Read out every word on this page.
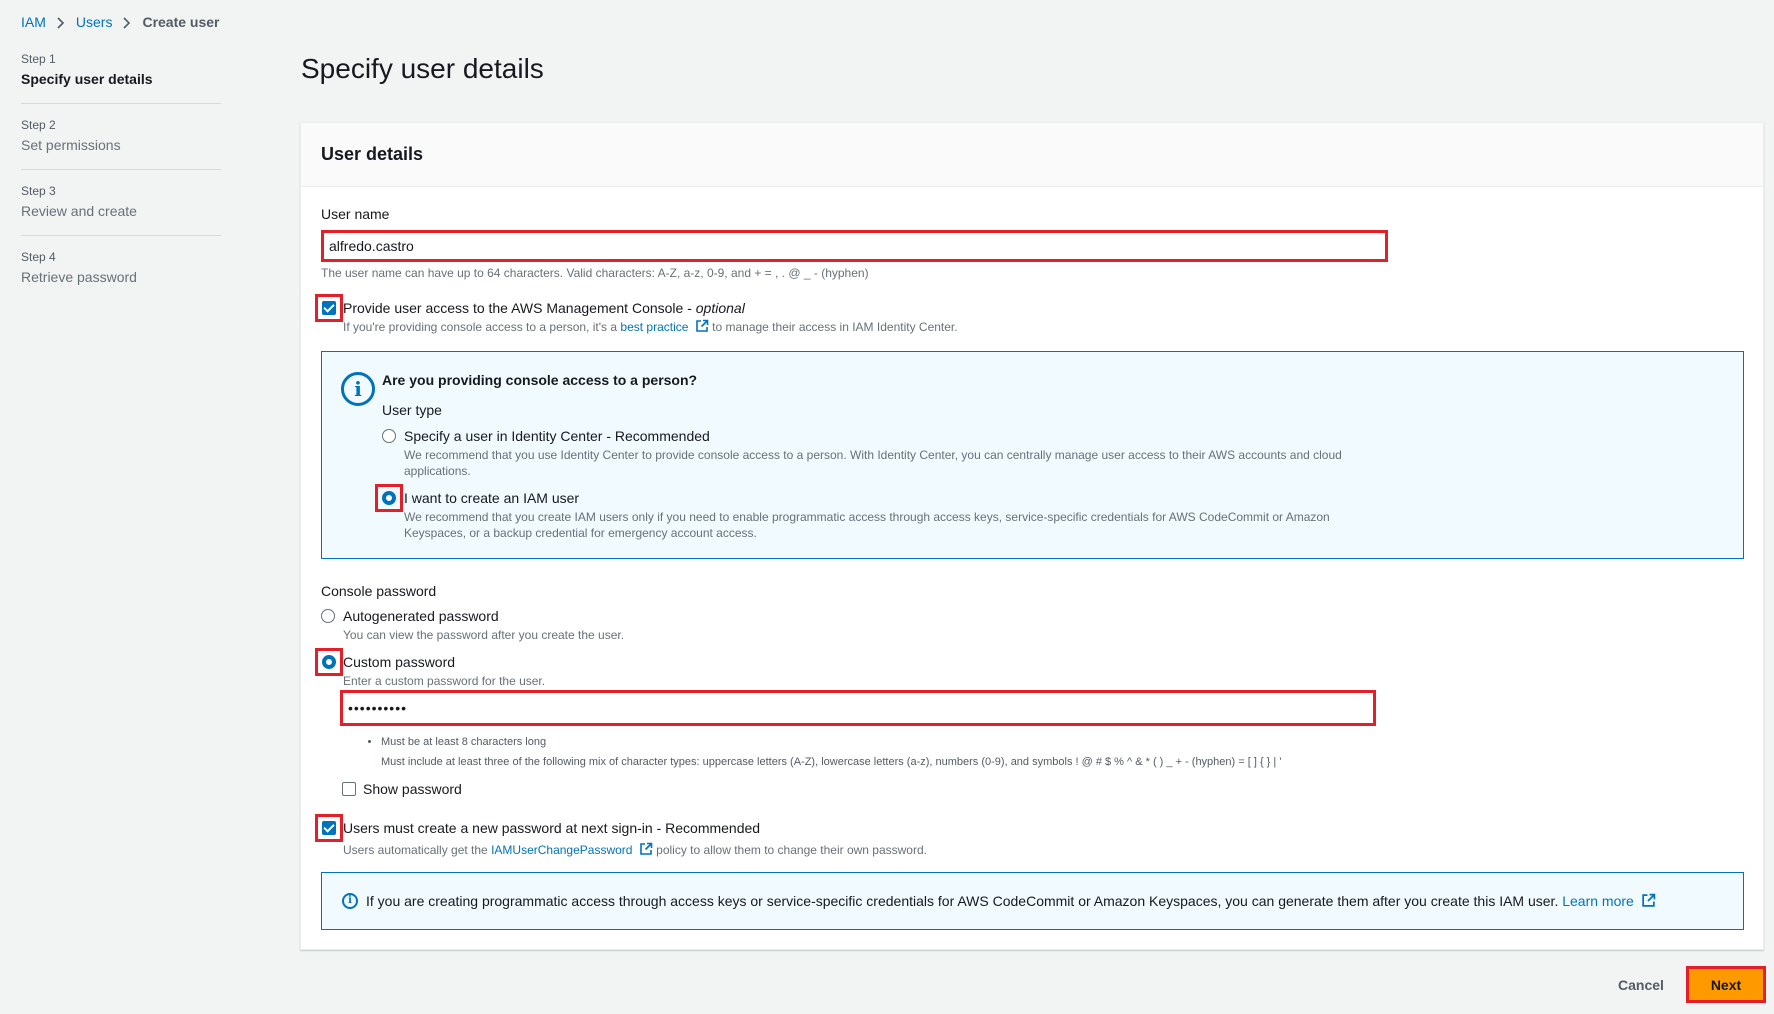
IAM Users Create user
Step 1
Specify user details
Step 2
Set permissions
Step 3
Review and create
Step 4
Retrieve password
Specify user details
User details
User name
alfredo.castro
The user name can have up to 64 characters. Valid characters: A-Z, a-z, 0-9, and + = , . @ _ - (hyphen)
Provide user access to the AWS Management Console - optional
If you're providing console access to a person, it's a best practice to manage their access in IAM Identity Center.
i	Are you providing console access to a person?
User type
Specify a user in Identity Center - Recommended
We recommend that you use Identity Center to provide console access to a person. With Identity Center, you can centrally manage user access to their AWS accounts and cloud applications.
I want to create an IAM user
We recommend that you create IAM users only if you need to enable programmatic access through access keys, service-specific credentials for AWS CodeCommit or Amazon Keyspaces, or a backup credential for emergency account access.
Console password
Autogenerated password
You can view the password after you create the user.
Custom password
Enter a custom password for the user.
••••••••••
• Must be at least 8 characters long
• Must include at least three of the following mix of character types: uppercase letters (A-Z), lowercase letters (a-z), numbers (0-9), and symbols ! @ # $ % ^ & * ( ) _ + - (hyphen) = [ ] { } | '
Show password
Users must create a new password at next sign-in - Recommended
Users automatically get the IAMUserChangePassword policy to allow them to change their own password.
i	If you are creating programmatic access through access keys or service-specific credentials for AWS CodeCommit or Amazon Keyspaces, you can generate them after you create this IAM user. Learn more
Cancel	Next
